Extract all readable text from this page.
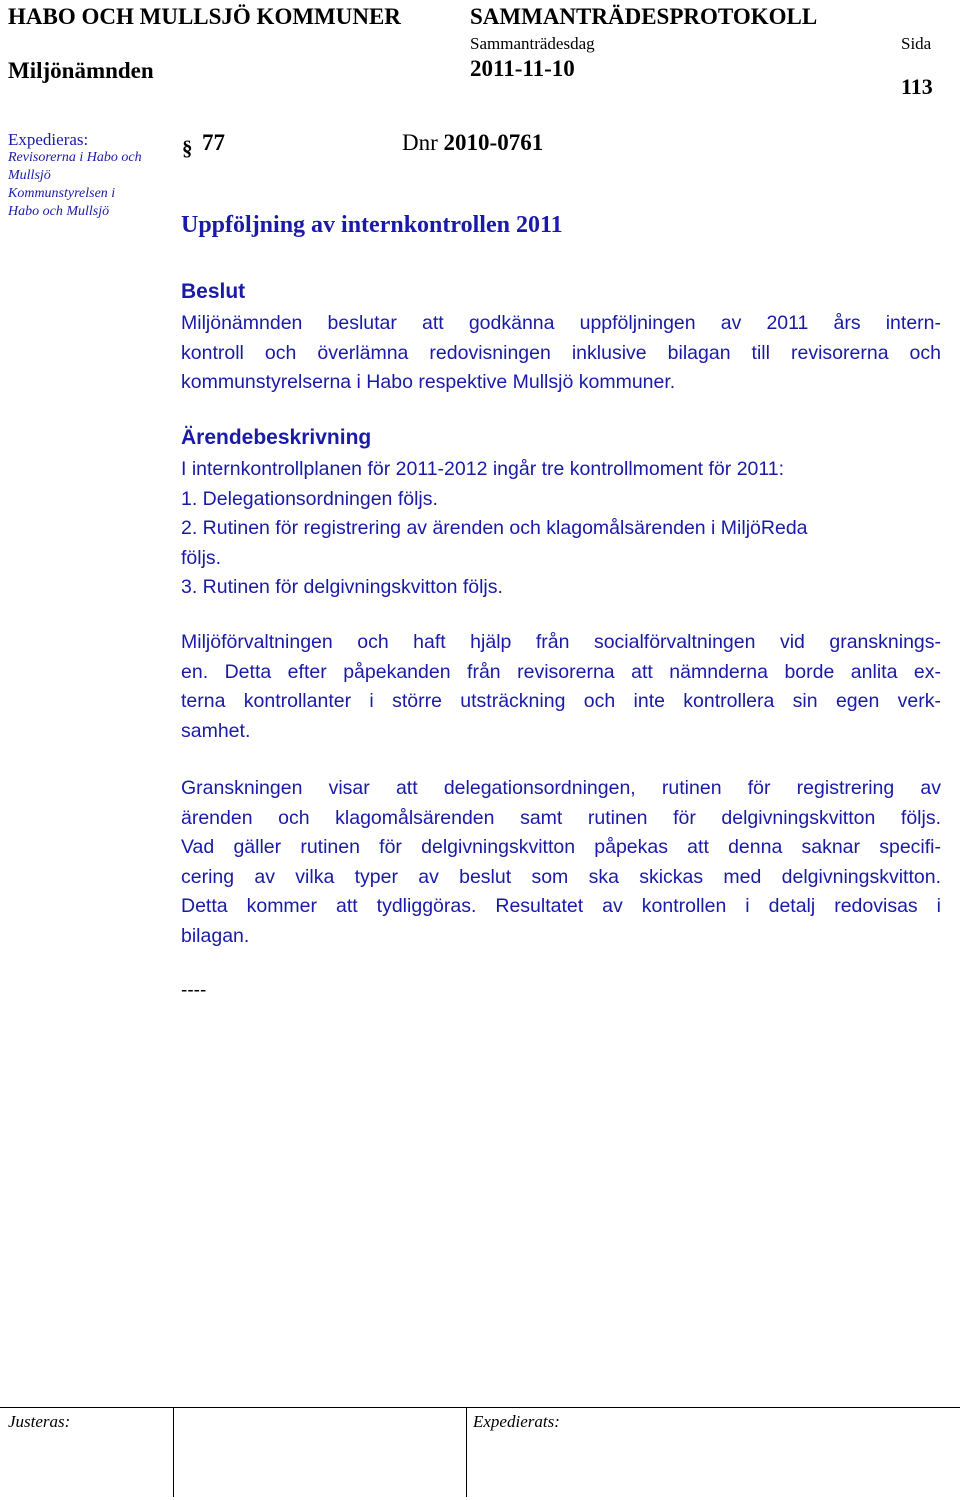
HABO OCH MULLSJÖ KOMMUNER	SAMMANTRÄDESPROTOKOLL
Sammanträdesdag	Sida
Miljönämnden	2011-11-10
113
Expedieras:
Revisorerna i Habo och
Mullsjö
Kommunstyrelsen i
Habo och Mullsjö
§ 77	Dnr 2010-0761
Uppföljning av internkontrollen 2011
Beslut
Miljönämnden beslutar att godkänna uppföljningen av 2011 års intern-
kontroll och överlämna redovisningen inklusive bilagan till revisorerna och
kommunstyrelserna i Habo respektive Mullsjö kommuner.
Ärendebeskrivning
I internkontrollplanen för 2011-2012 ingår tre kontrollmoment för 2011:
1. Delegationsordningen följs.
2. Rutinen för registrering av ärenden och klagomålsärenden i MiljöReda
följs.
3. Rutinen för delgivningskvitton följs.
Miljöförvaltningen och haft hjälp från socialförvaltningen vid gransknings-
en. Detta efter påpekanden från revisorerna att nämnderna borde anlita ex-
terna kontrollanter i större utsträckning och inte kontrollera sin egen verk-
samhet.
Granskningen visar att delegationsordningen, rutinen för registrering av
ärenden och klagomålsärenden samt rutinen för delgivningskvitton följs.
Vad gäller rutinen för delgivningskvitton påpekas att denna saknar specifi-
cering av vilka typer av beslut som ska skickas med delgivningskvitton.
Detta kommer att tydliggöras. Resultatet av kontrollen i detalj redovisas i
bilagan.
----
Justeras:	Expedierats:
